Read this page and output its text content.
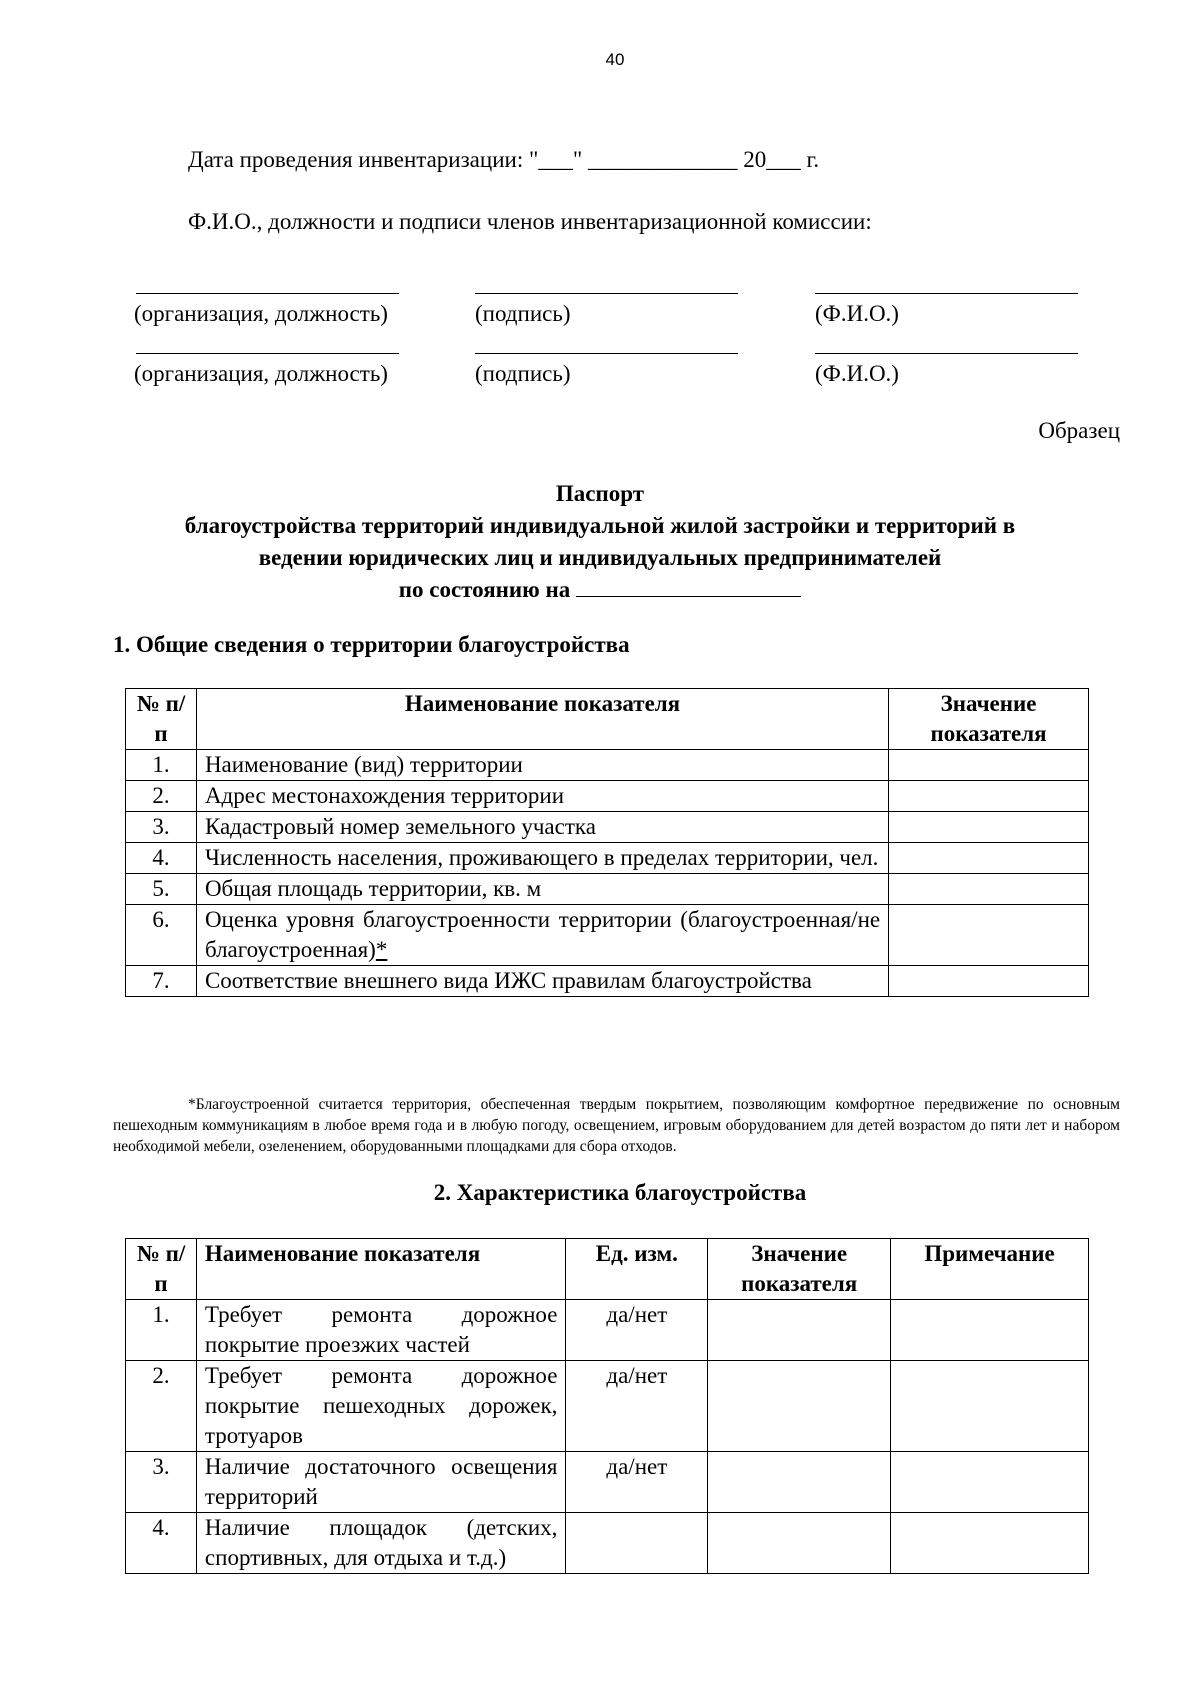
40
Дата проведения инвентаризации: "___" _____________ 20___ г.
Ф.И.О., должности и подписи членов инвентаризационной комиссии:
(организация, должность)	(подпись)	(Ф.И.О.)
(организация, должность)	(подпись)	(Ф.И.О.)
Образец
Паспорт
благоустройства территорий индивидуальной жилой застройки и территорий в
ведении юридических лиц и индивидуальных предпринимателей
по состоянию на
1. Общие сведения о территории благоустройства
№ п/п	Наименование показателя	Значение показателя
1.	Наименование (вид) территории	
2.	Адрес местонахождения территории	
3.	Кадастровый номер земельного участка	
4.	Численность населения, проживающего в пределах территории, чел.	
5.	Общая площадь территории, кв. м	
6.	Оценка уровня благоустроенности территории (благоустроенная/не благоустроенная)*	
7.	Соответствие внешнего вида ИЖС правилам благоустройства	
*Благоустроенной считается территория, обеспеченная твердым покрытием, позволяющим комфортное передвижение по основным пешеходным коммуникациям в любое время года и в любую погоду, освещением, игровым оборудованием для детей возрастом до пяти лет и набором необходимой мебели, озеленением, оборудованными площадками для сбора отходов.
2. Характеристика благоустройства
№ п/п	Наименование показателя	Ед. изм.	Значение показателя	Примечание
1.	Требует ремонта дорожное покрытие проезжих частей	да/нет		
2.	Требует ремонта дорожное покрытие пешеходных дорожек, тротуаров	да/нет		
3.	Наличие достаточного освещения территорий	да/нет		
4.	Наличие площадок (детских, спортивных, для отдыха и т.д.)			
